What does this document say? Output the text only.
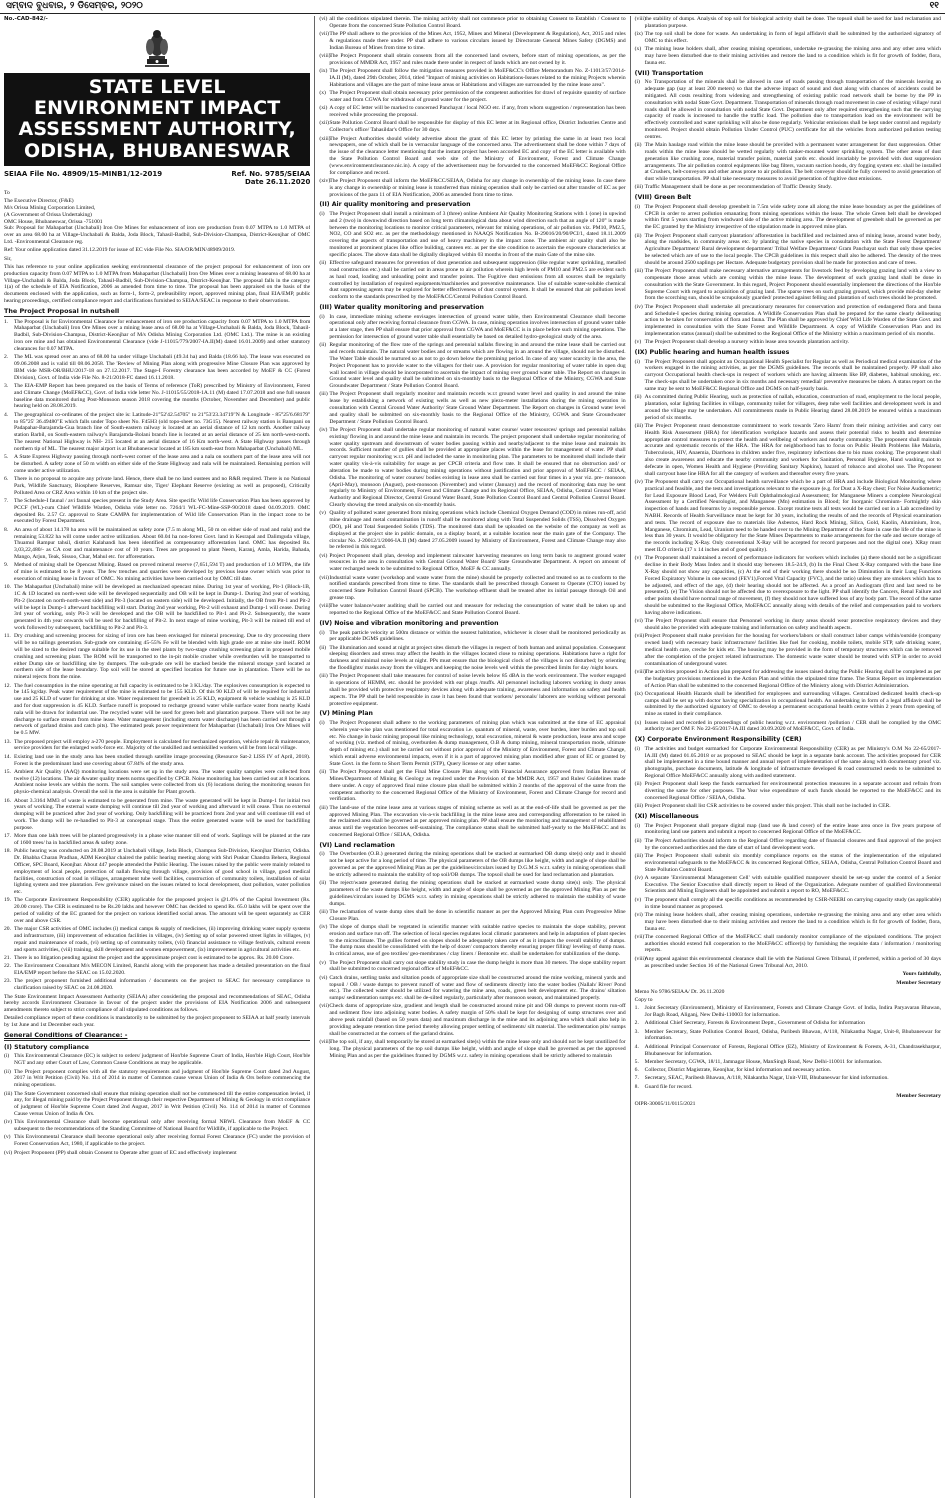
ସମ୍ବାଦ ବୁଧବାର, ୨ ଡିସେମ୍ବର, ୨୦୨୦	୧୧
No.-CAD-842/-
STATE LEVEL ENVIRONMENT IMPACT ASSESSMENT AUTHORITY, ODISHA, BHUBANESWAR
SEIAA File No. 48909/15-MINB1/12-2019	Ref. No. 9785/SEIAA
Date 26.11.2020

To

The Executive Director, (F&E)

M/s Orissa Mining Corporation Limited,

(A Government of Orissa Undertaking)

OMC House, Bhubaneswar, Orissa -751001

Sub: Proposal for Mahaparbat (Unchabali) Iron Ore Mines for enhancement of iron ore production from 0.07 MTPA to 1.0 MTPA of over an area 68.00 ha at Village-Unchabali & Balda, Joda Block, Tahasil-Badbil, Sub-Division-Champua, District-Keonjhar of OMC Ltd. -Environmental Clearance reg.

Ref: Your online application dated 31.12.2019 for issue of EC vide File No. SIA/OR/MIN/48909/2019.

Sir,

This has reference to your online application seeking environmental clearance of the project proposal for enhancement of iron ore production capacity from 0.07 MTPA to 1.0 MTPA from Mahaparbat (Unchabali) Iron Ore Mines over a mining leasearea of 68.00 ha at Village-Unchabali & Balda, Joda Block, Tahasil-Badbil, Sub-Division-Champua, District-Keonjhar. The proposal falls in the category 1(a) of the schedule of EIA Notification, 2006 as amended from time to time. The proposal has been appraised on the basis of the documents enclosed with the application, such as form-1, form-2, prefeasibility report, approved mining plan, final EIA/EMP, public hearing proceedings, certified compliance report and clarifications furnished to SEIAA/SEAC in response to their observations.

The Project Proposal in nutshell
1. The Proposal is for Environmental Clearance for enhancement of iron ore production capacity from 0.07 MTPA to 1.0 MTPA from Mahaparbat (Unchabali) Iron Ore Mines over a mining lease area of 68.00 ha at Village-Unchabali & Balda, Joda Block, Tahasil-Badbil, Sub-Division-Champua, District-Keonjhar of M/s Odisha Mining Corporation Ltd. (OMC Ltd.). The mine is an existing iron ore mine and has obtained Environmental Clearance (vide J-11015/779/2007-IA.II(M) dated 16.01.2009) and other statutory clearances for 0.07 MTPA.
2. The ML was spread over an area of 68.00 ha under village Unchabali (49.34 ha) and Balda (18.66 ha). The lease was executed on 09.06.2008 and is valid till 08.06.2058. The 'Review of Mining Plan along with progressive Mine Closure Plan was approved by IBM vide MSR-OR/BHU/2017-18 on 27.12.2017. The Stage-I Forestry clearance has been accorded by MoEF & CC (Forest Division), Govt. of India vide File No. 8-21/2018-FC dated 16.11.2018.
3. The EIA-EMP Report has been prepared on the basis of Terms of reference (ToR) prescribed by Ministry of Environment, Forest and Climate Change (MoEF&CC), Govt. of India vide letter No. J-11015/55/2018-1A.11 (M) dated 17.07.2018 and one full season baseline data monitored during Post-Monsoon season 2018 covering the months (October, November and December) and public hearing held on 28.08.2019.
4. The geographical co-ordinates of the project site is: Latitude-21°52'42.54705" to 21°53'23.34719"N & Longitude - 85°25'6.68179" to 85°25' 36.49480"E which falls under Topo sheet No. F45H3 (old topo-sheet no. 73G15). Nearest railway station is Banspani on Padapahar-Barajamda-Gua branch line of South-eastern railway is located at an aerial distance of 12 km north. Another railway station Barbil, on South-eastern railway's Barajamda-Bolani branch line is located at an aerial distance of 25 km north-west-north. The nearest National Highway is NH- 215 located at an aerial distance of 16 Km north-west. A State Highway passes through northern tip of ML. The nearest major airport is at Bhubaneswar located at 185 km south-east from Mahaparbat (Unchabali) ML.
5. A State Express Highway passing through north-west corner of the lease area and a nala on southern part of the lease area will not be disturbed. A safety zone of 50 m width on either side of the State Highway and nala will be maintained. Remaining portion will come under active utilization.
6. There is no proposal to acquire any private land. Hence, there shall be no land oustees and no R&R required. There is no National Park, Wildlife Sanctuary, Biosphere Reserves, Ramsar site, Tiger/ Elephant Reserve (existing as well as proposed), Critically Polluted Area or CRZ Area within 10 km of the project site.
7. The Schedule-I faunal / avi faunal species present in the Study Area. Site specific Wild life Conservation Plan has been approved by PCCF (WL)-cum Chief Wildlife Warden, Odisha vide letter no. 7264/1 WL-FC-Mine-SSP-90/2018 dated 04.09.2019. OMC deposited Rs. 2.57 Cr. approval to State CAMPA for implementation of Wild life Conservation Plan in the impact zone to be executed by Forest Department.
8. An area of about 14.178 ha area will be maintained as safety zone (7.5 m along ML, 50 m on either side of road and nala) and the remaining 53.822 ha will come under active utilization. About 60.04 ha non-forest Govt. land in Kesrapal and Dalimguda village, Thuamul Rampur tahsil, district Kalahandi has been identified as compensatory afforestation land. OMC has deposited Rs. 3,03,22,480/- as CA cost and maintenance cost of 10 years. Trees are proposed to plant Neem, Karanj, Amla, Harida, Bahada, Mango, Arjun, Teak, Sissoo, Char, Mahul etc. for afforestation.
9. Method of mining shall be Opencast Mining. Based on proved mineral reserve (7,651,594 T) and production of 1.0 MTPA, the life of mine is estimated to be 8 years. The few trenches and quarries were developed by previous lease owner which was prior to execution of mining lease in favour of OMC. No mining activities have been carried out by OMC till date.
10. The Mahaparbat (Unchabali) mine will be developed as mechanized opencast mine. During 1st year of working, Pit-1 (Block-1B, 1C & 1D located on north-west side will be developed sequentially and OB will be kept in Dump-1. During 2nd year of working, Pit-2 (located on north-north-west side) and Pit-3 (located on eastern side) will be developed. Initially, the OB from Pit-1 and Pit-2 will be kept in Dump-1 afterward backfilling will start. During 2nd year working, Pit-2 will exhaust and Dump-1 will cease. During 3rd year of working, only Pit-3 will be developed and the OB will be backfilled to Pit-1 and Pit-2. Subsequently, the waste generated in 4th year onwards will be used for backfilling of Pit-2. In next stage of mine working, Pit-3 will be mined till end of work followed by subsequent, backfilling to Pit-2 and Pit-3.
11. Dry crushing and screening process for sizing of iron ore has been envisaged for mineral processing. Due to dry processing there will be no tailings generation. Sub-grade ore containing 45-55% Fe will be blended with high grade ore at mine site itself. ROM will be sized to the desired range suitable for its use in the steel plants by two-stage crushing screening plant in proposed mobile crushing and screening plant. The ROM will be transported to the in-pit mobile crusher while overburden will be transported to either Dump site or backfilling site by dumpers. The sub-grade ore will be stacked beside the mineral storage yard located at northern side of the lease boundary. Top soil will be stored at specified location for future use in plantation. There will be no mineral rejects from the mine.
12. The fuel consumption in the mine operating at full capacity is estimated to be 3 KL/day. The explosives consumption is expected to be 145 kg/day. Peak water requirement of the mine is estimated to be 155 KLD. Of this 90 KLD of will be required for industrial use and 25 KLD of water for drinking at site. Water requirement for greenbelt is 25 KLD, equipment & vehicle washing is 25 KLD and for dust suppression is 45 KLD. Surface runoff is proposed to recharge ground water while surface water from nearby Kashi nala will be drawn for industrial use. The recycled water will be used for green belt and plantation purpose. There will not be any discharge to surface stream from mine lease. Water management (including storm water discharge) has been carried out through a network of garland drains and catch pits). The estimated peak power requirement for Mahaparbat (Unchabali) Iron Ore Mines will be 0.5 MW.
13. The proposed project will employ a-270 people. Employment is calculated for mechanized operation, vehicle repair & maintenance, service providers for the enlarged work-force etc. Majority of the unskilled and semiskilled workers will be from local village.
14. Existing land use in the study area has been studied through satellite image processing (Resource Sat-2 LISS IV of April, 2018). Forest is the predominant land use covering about 67.84% of the study area.
15. Ambient Air Quality (AAQ) monitoring locations were set up in the study area. The water quality samples were collected from twelve (12) locations. The air &water quality meets norms specified by CPCB. Noise monitoring has been carried out at 8 locations. Ambient noise levels are within the norm. The soil samples were collected from six (6) locations during the monitoring season for physio-chemical analysis. Overall the soil in the area is suitable for Plant growth.
16. About 3.3164 MM3 of waste is estimated to be generated from mine. The waste generated will be kept in Dump-1 for initial two years of working. The external waste dumping will continue till 2nd year of working and afterward it will cease. Thus no external dumping will be practiced after 2nd year of working. Only backfilling will be practiced from 2nd year and will continue till end of work. The dump will be re-handled to Pit-3 at conceptual stage. Thus the entire generated waste will be used for backfilling purpose.
17. More than one lakh trees will be planted progressively in a phase wise manner till end of work. Saplings will be planted at the rate of 1600 trees/ ha in backfilled areas & safety zone.
18. Public hearing was conducted on 28.08.2019 at Unchabali village, Joda Block, Champua Sub-Division, Keonjhar District, Odisha. Dr. Bhabha Charan Pradhan, ADM Keonjhar chaired the public hearing meeting along with Shri Puskar Chandra Behera, Regional Officer, SPC Board, Keonjhar. About 447 people attended the Public Hearing. The issues raised by the public were mainly related to employment of local people, protection of nallah flowing through village, provision of good school in village, good medical facilities, construction of road in villages, arrangement tube well facilities, construction of community toilets, installation of solar lighting system and tree plantation. Few greivance raised on the issues related to local development, dust pollution, water pollution etc.
19. The Corporate Environment Responsibility (CER) applicable for the proposed project is @1.0% of the Capital Investment (Rs. 20.00 crore). The CER is estimated to be Rs.20 lakhs and however OMC has decided to spend Rs. 65.0 lakhs will be spent over the period of validity of the EC granted for the project on various identified social areas. The amount will be spent separately as CER over and above CSR.
20. The major CSR activities of OMC includes (i) medical camps & supply of medicines, (ii) improving drinking water supply systems and infrastructure, (iii) improvement of education facilities in villages, (iv) Setting up of solar powered street lights in villages, (v) repair and maintenance of roads, (vi) setting up of community toilets, (vii) financial assistance to village festivals, cultural events and sports activities, (viii) training, skill development and women empowerment, (ix) improvement in agricultural activities etc.
21. There is no litigation pending against the project and the approximate project cost is estimated to be approx. Rs. 20.00 Crore.
22. The Environment Consultant M/s MECON Limited, Ranchi along with the proponent has made a detailed presentation on the final EIA/EMP report before the SEAC on 15.02.2020.
23. The project proponent furnished additional information / documents on the project to SEAC for necessary compliance to clarification raised by SEAC on 24.08.2020.

The State Environment Impact Assessment Authority (SEIAA) after considering the proposal and recommendations of SEAC, Odisha hereby accords Environment Clearance in favour of the project under the provisions of EIA Notification 2006 and subsequent amendments thereto subject to strict compliance of all stipulated conditions as follows.

Detailed compliance report of these conditions is mandatorily to be submitted by the project proponent to SEIAA at half yearly intervals by 1st June and 1st December each year.

General Conditions of Clearance: -
(I) Statutory compliance
(i) This Environmental Clearance (EC) is subject to orders/ judgment of Hon'ble Supreme Court of India, Hon'ble High Court, Hon'ble NGT and any other Court of Law, Common Cause Conditions as may be applicable.
(ii) The Project proponent complies with all the statutory requirements and judgment of Hon'ble Supreme Court dated 2nd August, 2017 in Writ Petition (Civil) No. 114 of 2014 in matter of Common cause versus Union of India & Ors before commencing the mining operations.
(iii) The State Government concerned shall ensure that mining operation shall not be commenced till the entire compensation levied, if any, for illegal mining paid by the Project Proponent through their respective Department of Mining & Geology in strict compliance of judgment of Hon'ble Supreme Court dated 2nd August, 2017 in Writ Petition (Civil) No. 114 of 2014 in matter of Common Cause versus Union of India & Ors.
(iv) This Environmental Clearance shall become operational only after receiving formal NBWL Clearance from MoEF & CC subsequent to the recommendations of the Standing Committee of National Board for Wildlife, if applicable to the Project.
(v) This Environmental Clearance shall become operational only after receiving formal Forest Clearance (FC) under the provision of Forest Conservation Act, 1980, if applicable to the project.
(vi) Project Proponent (PP) shall obtain Consent to Operate after grant of EC and effectively implement
(vi) all the conditions stipulated therein. The mining activity shall not commence prior to obtaining Consent to Establish / Consent to Operate from the concerned State Pollution Control Board.
(vii) The PP shall adhere to the provision of the Mines Act, 1952, Mines and Mineral (Development & Regulation), Act, 2015 and rules & regulations made there under. PP shall adhere to various circulars issued by Directorate General Mines Safety (DGMS) and Indian Bureau of Mines from time to time.
(viii)
The Project Proponent shall obtain consents from all the concerned land owners, before start of mining operations, as per the provisions of MMDR Act, 1957 and rules made there under in respect of lands which are not owned by it.
(ix) The Project Proponent shall follow the mitigation measures provided in MoEF&CC's Office Memorandum No. Z-11013/57/2014-IA.II (M), dated 29th October, 2014, titled "Impact of mining activities on Habitations-Issues related to the mining Projects wherein Habitations and villages are the part of mine lease areas or Habitations and villages are surrounded by the mine lease area".
(x) The Project Proponent shall obtain necessary prior permission of the competent authorities for drawl of requisite quantity of surface water and from CGWA for withdrawal of ground water for the project.
(xi) A copy of EC letter will be marked to concerned Panchayat / local NGO etc. if any, from whom suggestion / representation has been received while processing the proposal.
(xii) State Pollution Control Board shall be responsible for display of this EC letter at its Regional office, District Industries Centre and Collector's office/ Tahasildar's Office for 30 days.
(xiii)
The Project Authorities should widely advertise about the grant of this EC letter by printing the same in at least two local newspapers, one of which shall be in vernacular language of the concerned area. The advertisement shall be done within 7 days of the issue of the clearance letter mentioning that the instant project has been accorded EC and copy of the EC letter is available with the State Pollution Control Board and web site of the Ministry of Environment, Forest and Climate Change (www.environmentclearance.nic.in). A copy of the advertisement may be forwarded to the concerned MoEF&CC Regional Office for compliance and record.
(xiv) The Project Proponent shall inform the MoEF&CC/SEIAA, Odisha for any change in ownership of the mining lease. In case there is any change in ownership or mining lease is transferred than mining operation shall only be carried out after transfer of EC as per provisions of the para 11 of EIA Notification, 2006 as amended from time to time.
(II) Air quality monitoring and preservation
(i) The Project Proponent shall install a minimum of 3 (three) online Ambient Air Quality Monitoring Stations with 1 (one) in upwind and 2 (two) in downwind direction based on long term climatological data about wind direction such that an angle of 120° is made between the monitoring locations to monitor critical parameters, relevant for mining operations, of air pollution viz. PM10, PM2.5, NO2, CO and SO2 etc. as per the methodology mentioned in NAAQS Notification No. B-29016/20/90/PCI/1, dated 18.11.2009 covering the aspects of transportation and use of heavy machinery in the impact zone. The ambient air quality shall also be monitored at prominent places like office building, canteen etc. as per the site condition to ascertain the exposure characteristics at specific places. The above data shall be digitally displayed within 03 months in front of the main Gate of the mine site.
(ii) Effective safeguard measures for prevention of dust generation and subsequent suppression (like regular water sprinkling, metalled road construction etc.) shall be carried out in areas prone to air pollution wherein high levels of PM10 and PM2.5 are evident such as haul road, loading and unloading point and transfer points. The Fugitive dust emissions from all sources shall be regularly controlled by installation of required equipments/machineries and preventive maintenance. Use of suitable water-soluble chemical dust suppressing agents may be explored for better effectiveness of dust control system. It shall be ensured that air pollution level conform to the standards prescribed by the MoEF&CC/Central Pollution Control Board.
(III) Water quality monitoring and preservation
(i) In case, immediate mining scheme envisages intersection of ground water table, then Environmental Clearance shall become operational only after receiving formal clearance from CGWA. In case, mining operation involves intersection of ground water table at a later stage, then PP shall ensure that prior approval from CGWA and MoEF&CC is in place before such mining operations. The permission for intersection of ground water table shall essentially be based on detailed hydro-geological study of the area.
(ii) Regular monitoring of the flow rate of the springs and perennial nallahs flowing in and around the mine lease shall be carried out and records maintain. The natural water bodies and or streams which are flowing in an around the village, should not be disturbed. The Water Table should be nurtured so as not to go down below the premining period. In case of any water scarcity in the area, the Project Proponent has to provide water to the villagers for their use. A provision for regular monitoring of water table in open dug wall located in village should be incorporated to ascertain the impact of mining over ground water table. The Report on changes in Ground water level and quality shall be submitted on six-monthly basis to the Regional Office of the Ministry, CGWA and State Groundwater Department / State Pollution Control Board.
(iii) The Project Proponent shall regularly monitor and maintain records w.r.t ground water level and quality in and around the mine lease by establishing a network of existing wells as well as new piezo-meter installations during the mining operation in consultation with Central Ground Water Authority/ State Ground Water Department. The Report on changes in Ground water level and quality shall be submitted on six-monthly basis to the Regional Office of the Ministry, CGWA and State Groundwater Department / State Pollution Control Board.
(iv) The Project Proponent shall undertake regular monitoring of natural water course/ water resources/ springs and perennial nallahs existing/ flowing in and around the mine lease and maintain its records. The project proponent shall undertake regular monitoring of water quality upstream and downstream of water bodies passing within and nearby/adjacent to the mine lease and maintain its records. Sufficient number of gullies shall be provided at appropriate places within the lease for management of water. PP shall carryout regular monitoring w.r.t. pH and included the same in monitoring plan. The parameters to be monitored shall include their water quality vis-à-vis suitability for usage as per CPCB criteria and flow rate. It shall be ensured that no obstruction and/ or alteration be made to water bodies during mining operations without justification and prior approval of MoEF&CC / SEIAA, Odisha. The monitoring of water courses/ bodies existing in lease area shall be carried out four times in a year viz. pre- monsoon (April-May), monsoon (August), post-monsoon (November) and winter (January) and the record of monitoring data may be sent regularly to Ministry of Environment, Forest and Climate Change and its Regional Office, SEIAA, Odisha, Central Ground Water Authority and Regional Director, Central Ground Water Board, State Pollution Control Board and Central Pollution Control Board. Clearly showing the trend analysis on six-monthly basis.
(v) Quality of polluted water generated from mining operations which include Chemical Oxygen Demand (COD) in mines run-off, acid mine drainage and metal contamination in runoff shall be monitored along with Total Suspended Solids (TSS), Dissolved Oxygen (DO), pH and Total Suspended Solids (TDS). The monitored data shall be uploaded on the website of the company as well as displayed at the project site in public domain, on a display board, at a suitable location near the main gate of the Company. The circular No. J-20012/1/2006-IA.II (M) dated 27.05.2009 issued by Ministry of Environment, Forest and Climate Change may also be referred in this regard.
(vi) Project Proponent shall plan, develop and implement rainwater harvesting measures on long term basis to augment ground water resources in the area in consultation with Central Ground Water Board/ State Groundwater Department. A report on amount of water recharged needs to be submitted to Regional Office, MoEF & CC annually.
(vii) Industrial waste water (workshop and waste water from the mine) should be properly collected and treated so as to conform to the notified standards prescribed from time to time. The standards shall be prescribed through Consent to Operate (CTO) issued by concerned State Pollution Control Board (SPCB). The workshop effluent shall be treated after its initial passage through Oil and grease trap.
(viii)
The water balance/water auditing shall be carried out and measure for reducing the consumption of water shall be taken up and reported to the Regional Office of the MoEF&CC and State Pollution Control Board.
(IV) Noise and vibration monitoring and prevention
(i) The peak particle velocity at 500m distance or within the nearest habitation, whichever is closer shall be monitored periodically as per applicable DGMS guidelines.
(ii) The illumination and sound at night at project sites disturb the villages in respect of both human and animal population. Consequent sleeping disorders and stress may affect the health in the villages located close to mining operations. Habitations have a right for darkness and minimal noise levels at night. PPs must ensure that the biological clock of the villages is not disturbed; by orienting the floodlights/ masks away from the villagers and keeping the noise levels well within the prescribed limits for day /night hours.
(iii) The Project Proponent shall take measures for control of noise levels below 85 dBA in the work environment. The worker engaged in operations of HEMM, etc. should be provided with ear plugs /muffs. All personnel including laborers working in dusty areas shall be provided with protective respiratory devices along with adequate training, awareness and information on safety and health aspects. The PP shall be held responsible in case it has been found that workers/ personals/ laborers are working without personal protective equipment.
(V) Mining Plan
(i) The Project Proponent shall adhere to the working parameters of mining plan which was submitted at the time of EC appraisal wherein year-wise plan was mentioned for total excavation i.e. quantum of mineral, waste, over burden, inter burden and top soil etc. No change in basic mining proposal like mining technology, total excavation, mineral & waste production, lease area and scope of working (viz. method of mining, overburden & dump management, O.B & dump mining, mineral transportation mode, ultimate depth of mining etc.) shall not be carried out without prior approval of the Ministry of Environment, Forest and Climate Change, which entail adverse environmental impacts, even if it is a part of approved mining plan modified after grant of EC or granted by State Govt. in the form to Short Term Permit (STP), Query license or any other name.
(ii) The Project Proponent shall get the Final Mine Closure Plan along with Financial Assurance approved from Indian Bureau of Mines/Department of Mining & Geology as required under the Provision of the MMDR Act, 1957 and Rules/ Guidelines made there under. A copy of approved final mine closure plan shall be submitted within 2 months of the approval of the same from the competent authority to the concerned Regional Office of the Ministry of Environment, Forest and Climate Change for record and verification.
(iii) The land-use of the mine lease area at various stages of mining scheme as well as at the end-of-life shall be governed as per the approved Mining Plan. The excavation vis-a-vis backfilling in the mine lease area and corresponding afforestation to be raised in the reclaimed area shall be governed as per approved mining plan. PP shall ensure the monitoring and management of rehabilitated areas until the vegetation becomes self-sustaining. The compliance status shall be submitted half-yearly to the MoEF&CC and its concerned Regional Office / SEIAA, Odisha.
(VI) Land reclamation
(i) The Overburden (O.B.) generated during the mining operations shall be stacked at earmarked OB dump site(s) only and it should not be kept active for a long period of time. The physical parameters of the OB dumps like height, width and angle of slope shall be governed as per the approved Mining Plan as per the guidelines/circulars issued by D.G.M.S w.r.t. safety in mining operations shall be strictly adhered to maintain the stability of top soil/OB dumps. The topsoil shall be used for land reclamation and plantation.
(ii) The reject/waste generated during the mining operations shall be stacked at earmarked waste dump site(s) only. The physical parameters of the waste dumps like height, width and angle of slope shall be governed as per the approved Mining Plan as per the guidelines/circulars issued by DGMS w.r.t. safety in mining operations shall be strictly adhered to maintain the stability of waste dumps.
(iii) The reclamation of waste dump sites shall be done in scientific manner as per the Approved Mining Plan cum Progressive Mine Closure Plan.
(iv) The slope of dumps shall be vegetated in scientific manner with suitable native species to maintain the slope stability, prevent erosion and surface run off. The selection of local species regulates local climatic parameters and help in adaptation of plant species to the microclimate. The gullies formed on slopes should be adequately taken care of as it impacts the overall stability of dumps. The dump mass should be consolidated with the help of dozer/ compactors thereby ensuring proper filling/ leveling of dump mass. In critical areas, use of geo textiles/ geo-membranes / clay liners / Bentonite etc. shall be undertaken for stabilization of the dump.
(v) The Project Proponent shall carry out slope stability study in case the dump height is more than 30 meters. The slope stability report shall be submitted to concerned regional office of MoEF&CC.
(vi) Catch drains, settling tanks and siltation ponds of appropriate size shall be constructed around the mine working, mineral yards and topsoil / OB / waste dumps to prevent runoff of water and flow of sediments directly into the water bodies (Nallah/ River/ Pond etc.). The collected water should be utilized for watering the mine area, roads, green belt development etc. The drains/ siltation sumps/ sedimentation sumps etc. shall be de-silted regularly, particularly after monsoon season, and maintained properly.
(vii) Check dams of appropriate size, gradient and length shall be constructed around mine pit and OB dumps to prevent storm run-off and sediment flow into adjoining water bodies. A safety margin of 50% shall be kept for designing of sump structures over and above peak rainfall (based on 50 years data) and maximum discharge in the mine and its adjoining area which shall also help in providing adequate retention time period thereby allowing proper settling of sediments/ silt material. The sedimentation pits/ sumps shall be constructed at the corners of the garland drains.
(viii)
The top soil, if any, shall temporarily be stored at earmarked site(s) within the mine lease only and should not be kept unutilized for long. The physical parameters of the top soil dumps like height, width and angle of slope shall be governed as per the approved Mining Plan and as per the guidelines framed by DGMS w.r.t. safety in mining operations shall be strictly adhered to maintain
(viii)
the stability of dumps. Analysis of top soil for biological activity shall be done. The topsoil shall be used for land reclamation and plantation purpose.
(ix) The top soil shall be done for waste. An undertaking in form of legal affidavit shall be submitted by the authorized signatory of OMC to this effect.
(x) The mining lease holders shall, after ceasing mining operations, undertake re-grassing the mining area and any other area which may have been disturbed due to their mining activities and restore the land to a condition which is fit for growth of fodder, flora, fauna etc.
(VII) Transportation
(i) No Transportation of the minerals shall be allowed in case of roads passing through transportation of the minerals leaving an adequate gap (say at least 200 meters) so that the adverse impact of sound and dust along with chances of accidents could be mitigated. All costs resulting from widening and strengthening of existing public road network shall be borne by the PP in consultation with nodal State Govt. Department. Transportation of minerals through road movement in case of existing village/ rural roads shall be allowed in consultation with nodal State Govt. Department only after required strengthening such that the carrying capacity of roads is increased to handle the traffic load. The pollution due to transportation load on the environment will be effectively controlled and water sprinkling will also be done regularly. Vehicular emissions shall be kept under control and regularly monitored. Project should obtain Pollution Under Control (PUC) certificate for all the vehicles from authorized pollution testing centres.
(ii) The Main haulage road within the mine lease should be provided with a permanent water arrangement for dust suppression. Other roads within the mine lease should be wetted regularly with tanker-mounted water sprinkling system. The other areas of dust generation like crushing zone, material transfer points, material yards etc. should invariably be provided with dust suppression arrangements. The air pollution control equipments like bag filters, vacuum suction hoods, dry fogging system etc. shall be installed at Crushers, belt-conveyors and other areas prone to air pollution. The belt conveyor should be fully covered to avoid generation of dust while transportation. PP shall take necessary measures to avoid generation of fugitive dust emissions.
(iii) Traffic Management shall be done as per recommendation of Traffic Density Study.
(VIII) Green Belt
(i) The Project Proponent shall develop greenbelt in 7.5m wide safety zone all along the mine lease boundary as per the guidelines of CPCB in order to arrest pollution emanating from mining operations within the lease. The whole Green belt shall be developed within first 5 years starting from windward side of the active mining area. The development of greenbelt shall be governed as per the EC granted by the Ministry irrespective of the stipulation made in approved mine plan.
(ii) The Project Proponent shall carryout plantation/ afforestation in backfilled and reclaimed area of mining lease, around water body, along the roadsides, in community areas etc. by planting the native species in consultation with the State Forest Department/ Agriculture Department/ Rural development department/ Tribal Welfare Department/ Gram Panchayat such that only those species be selected which are of use to the local people. The CPCB guidelines in this respect shall also be adhered. The density of the trees should be around 2500 saplings per Hectare. Adequate budgetary provision shall be made for protection and care of trees.
(iii) The Project Proponent shall make necessary alternative arrangements for livestock feed by developing grazing land with a view to compensate those areas which are coming within the mine lease. The development of such grazing land shall be done in consultation with the State Government. In this regard, Project Proponent should essentially implement the directions of the Hon'ble Supreme Court with regard to acquisition of grazing land. The sparse trees on such grazing ground, which provide mid-day shelter from the scorching sun, should be scrupulously guarded/ protected against felling and plantation of such trees should be promoted.
(iv) The Project Proponent shall undertake all precautionary measures for conservation and protection of endangered flora and fauna and Schedule-I species during mining operation. A Wildlife Conservation Plan shall be prepared for the same clearly delineating action to be taken for conservation of flora and fauna. The Plan shall be approved by Chief Wild Life Warden of the State Govt. and implemented in consultation with the State Forest and Wildlife Department. A copy of Wildlife Conservation Plan and its implementation status (annual) shall be submitted to the Regional Office of the Ministry within a maximum period of six months.
(v) The Project Proponent shall develop a nursery within lease area towards plantation activity.
(IX) Public hearing and human health issues
(i) The Project Proponent shall appoint an Occupational Health Specialist for Regular as well as Periodical medical examination of the workers engaged in the mining activities, as per the DGMS guidelines. The records shall be maintained properly. PP shall also carryout Occupational health check-ups in respect of workers which are having ailments like BP, diabetes, habitual smoking, etc. The check-ups shall be undertaken once in six months and necessary remedial/ preventive measures be taken. A status report on the same may be sent to MoEF&CC Regional Office and DGMS on half-yearly basis.
(ii) As committed during Public Hearing, such as protection of nallah, education, construction of road, employment to the local people, plantation, solar lighting facilities in village, community toilet for villagers, deep tube well facilities and development work in and around the village may be undertaken. All commitments made in Public Hearing dated 28.08.2019 be ensured within a maximum period of six months.
(iii) The Project Proponent must demonstrate commitment to work towards 'Zero Harm' from their mining activities and carry out Health Risk Assessment (HRA) for identification workplace hazards and assess their potential risks to health and determine appropriate control measures to protect the health and wellbeing of workers and nearby community. The proponent shall maintain accurate and systematic records of the HRA. The HRA for neighborhood has to focus on Public Health Problems like Malaria, Tuberculosis, HIV, Anaemia, Diarrhoea in children under five, respiratory infections due to bio mass cooking. The proponent shall also create awareness and educate the nearby community and workers for Sanitation, Personal Hygiene, Hand washing, not to defecate in open, Women Health and Hygiene (Providing Sanitary Napkins), hazard of tobacco and alcohol use. The Proponent shall carryout base line HRA for all the category of workers and thereafter every five years.
(iv) The Proponent shall carry out Occupational health surveillance which be a part of HRA and include Biological Monitoring where practical and feasible, and the tests and investigations relevant to the exposure (e.g. for Dust a X-Ray chest; For Noise Audiometric; for Lead Exposure Blood Lead, For Welders Full Ophthalmological Assessment; for Manganese Miners a complete Neurological Assessment by a Certified Neurologist, and Manganese (Mn) estimation in Blood; for Inorganic Chromium- Fortnightly skin inspection of hands and forearms by a responsible person. Except routine tests all tests would be carried out in a Lab accredited by NABH. Records of Health Surveillance must be kept for 30 years, including the results of and the records of Physical examination and tests. The record of exposure due to materials like Asbestos, Hard Rock Mining, Silica, Gold, Kaolin, Aluminium, Iron, Manganese, Chromium, Lead, Uranium need to be handed over to the Mining Department of the State in case the life of the mine is less than 30 years. It would be obligatory for the State Mines Departments to make arrangements for the safe and secure storage of the records including X-Ray. Only conventional X-Ray will be accepted for record purposes and not the digital one). XRay must meet ILO criteria (17 x 14 inches and of good quality).
(v) The Proponent shall maintained a record of performance indicators for workers which includes (a) there should not be a significant decline in their Body Mass Index and it should stay between 18.5-24.9, (b) In the Final Chest X-Ray compared with the base line X-Ray should not show any capacities, (c) At the end of their working there should be no Diminution in their Lung Functions Forced Expiratory Volume in one second (FEV1),Forced Vital Capacity (FVC), and the ratio) unless they are smokers which has to be adjusted, and effect of the age, (d) their hearing should not be affected. As a proof an Audiogram (first and last need to be presented). (e) The Vision should not be affected due to overexposure to the light. PP shall identify the Cancers, Renal Failure and other points should have normal range of movement, (f) they should not have suffered loss of any body part. The record of the same should be submitted to the Regional Office, MoEF&CC annually along with details of the relief and compensation paid to workers having above indications.
(vi) The Project Proponent shall ensure that Personnel working in dusty areas should wear protective respiratory devices and they should also be provided with adequate training and information on safety and health aspects.
(vii) Project Proponent shall make provision for the housing for workers/labors or shall construct labor camps within/outside (company owned land) with necessary basic infrastructure/ facilities like fuel for cooking, mobile toilets, mobile STP, safe drinking water, medical health care, creche for kids etc. The housing may be provided in the form of temporary structures which can be removed after the completion of the project related infrastructure. The domestic waste water should be treated with STP in order to avoid contamination of underground water.
(viii)
The activities proposed in Action plan prepared for addressing the issues raised during the Public Hearing shall be completed as per the budgetary provisions mentioned in the Action Plan and within the stipulated time frame. The Status Report on implementation of Action Plan shall be submitted to the concerned Regional Office of the Ministry along with District Administration.
(ix) Occupational Health Hazards shall be identified for employees and surrounding villages. Centralized dedicated health check-up camps shall be set up with doctor having specialization in occupational health. An undertaking in form of a legal affidavit shall be submitted by the authorized signatory of OMC to develop a permanent occupational health centre within 2 years from opening of mine as stated in their compliance.
(x) Issues raised and recorded in proceedings of public hearing w.r.t. environment /pollution / CER shall be complied by the OMC authority as per OM F. No 22-65/2017-IA.III dated 30.09.2020 of MoEF&CC, Govt. of India.
(X) Corporate Environment Responsibility (CER)
(i) The activities and budget earmarked for Corporate Environmental Responsibility (CER) as per Ministry's O.M No 22-65/2017-IA.III (M) dated 01.05.2018 or as proposed to SEAC should be kept in a separate bank account. The activities proposed for CER shall be implemented in a time bound manner and annual report of implementation of the same along with documentary proof viz. photographs, purchase documents, latitude & longitude of infrastructure developed & road constructed needs to be submitted to Regional Office MoEF&CC annually along with audited statement.
(ii) Project Proponent shall keep the funds earmarked for environmental protection measures in a separate account and refrain from diverting the same for other purposes. The Year wise expenditure of such funds should be reported to the MoEF&CC and its concerned Regional Office / SEIAA, Odisha.
(iii) Project Proponent shall list CSR activities to be covered under this project. This shall not be included in CER.
(XI) Miscellaneous
(i) The Project Proponent shall prepare digital map (land use & land cover) of the entire lease area once in five years purpose of monitoring land use pattern and submit a report to concerned Regional Office of the MoEF&CC.
(ii) The Project Authorities should inform to the Regional Office regarding date of financial closures and final approval of the project by the concerned authorities and the date of start of land development work.
(iii) The Project Proponent shall submit six monthly compliance reports on the status of the implementation of the stipulated environmental safeguards to the MoEF&CC & its concerned Regional Office, SEIAA, Odisha, Central Pollution Control Board and State Pollution Control Board.
(iv) A separate 'Environmental Management Cell' with suitable qualified manpower should be set-up under the control of a Senior Executive. The Senior Executive shall directly report to Head of the Organization. Adequate number of qualified Environmental Scientists and Mining Engineers shall be appointed and submit a report to RO, MoEF&CC.
(v) The proponent shall comply all the specific conditions as recommended by CSIR-NEERI on carrying capacity study (as applicable) in time bound manner as proposed.
(vi) The mining lease holders shall, after ceasing mining operations, undertake re-grassing the mining area and any other area which may have been disturbed due to their mining activities and restore the land to a condition which is fit for growth of fodder, flora, fauna etc.
(vii) The concerned Regional Office of the MoEF&CC shall randomly monitor compliance of the stipulated conditions. The project authorities should extend full cooperation to the MoEF&CC officer(s) by furnishing the requisite data / information / monitoring reports.
(viii)
Any appeal against this environmental clearance shall lie with the National Green Tribunal, if preferred, within a period of 30 days as prescribed under Section 16 of the National Green Tribunal Act, 2010.

Yours faithfully,

Member Secretary

Memo No 9786/SEIAA/ Dt. 26.11.2020

Copy to

1. Joint Secretary (Environment), Ministry of Environment, Forests and Climate Change Govt. of India, Indira Paryavaran Bhawan, Jor Bagh Road, Aliganj, New Delhi-110003 for information.
2. Additional Chief Secretary, Forests & Environment Deptt., Government of Odisha for information
3. Member Secretary, State Pollution Control Board, Odisha, Paribesh Bhawan, A/118, Nilakantha Nagar, Unit-8, Bhubaneswar for information.
4. Additional Principal Conservator of Forests, Regional Office (EZ), Ministry of Environment & Forests, A-31, Chandrasekharpur, Bhubaneswar for information.
5. Member Secretary, CGWA, 18/11, Jamnagar House, ManSingh Road, New Delhi-110011 for information.
6. Collector, District Magistrate, Keonjhar, for kind information and necessary action.
7. Secretary, SEAC, Paribesh Bhawan, A/118, Nilakantha Nagar, Unit-VIII, Bhubaneswar for kind information.
8. Guard file for record.

Member Secretary

OIPR-30005/11/0115/2021
